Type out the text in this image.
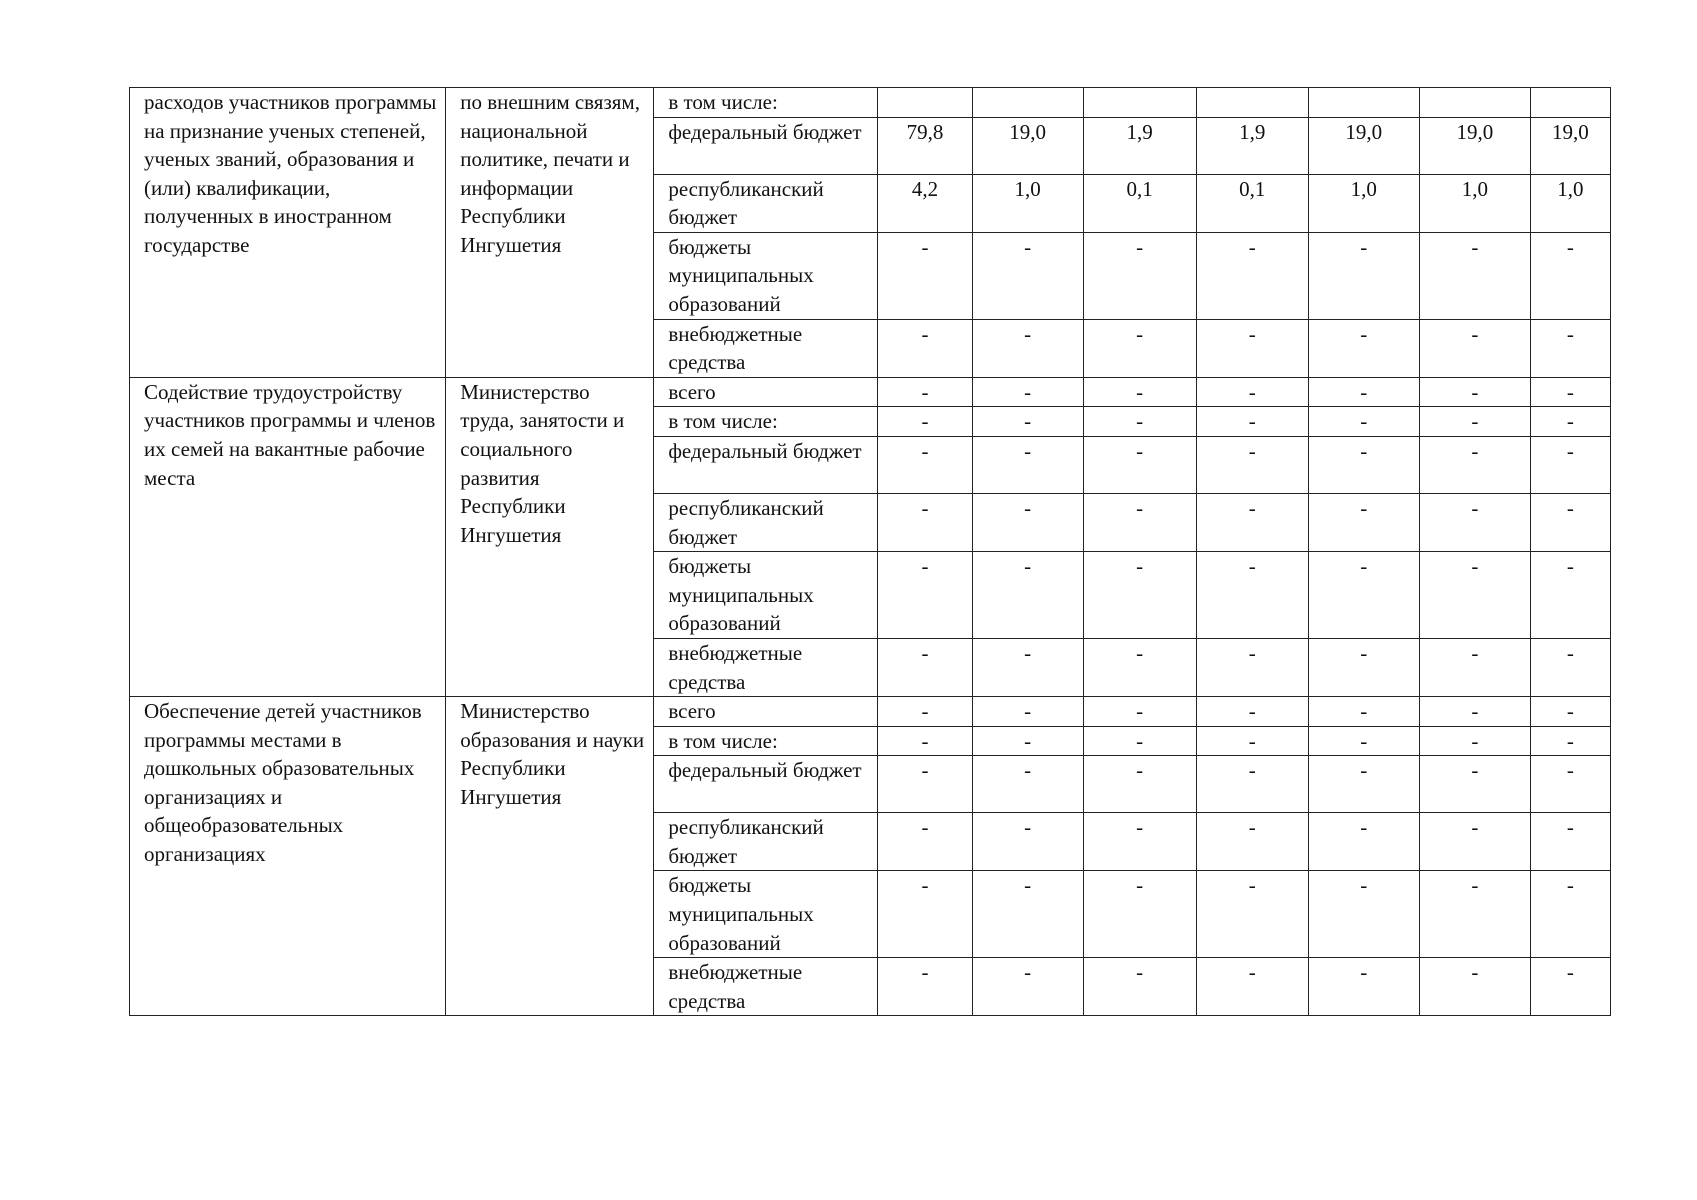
расходов участников программы на признание ученых степеней, ученых званий, образования и (или) квалификации, полученных в иностранном государстве	по внешним связям, национальной политике, печати и информации Республики Ингушетия	в том числе:							
		федеральный бюджет	79,8	19,0	1,9	1,9	19,0	19,0	19,0
		республиканский бюджет	4,2	1,0	0,1	0,1	1,0	1,0	1,0
		бюджеты муниципальных образований	-	-	-	-	-	-	-
		внебюджетные средства	-	-	-	-	-	-	-
Содействие трудоустройству участников программы и членов их семей на вакантные рабочие места	Министерство труда, занятости и социального развития Республики Ингушетия	всего	-	-	-	-	-	-	-
		в том числе:	-	-	-	-	-	-	-
		федеральный бюджет	-	-	-	-	-	-	-
		республиканский бюджет	-	-	-	-	-	-	-
		бюджеты муниципальных образований	-	-	-	-	-	-	-
		внебюджетные средства	-	-	-	-	-	-	-
Обеспечение детей участников программы местами в дошкольных образовательных организациях и общеобразовательных организациях	Министерство образования и науки Республики Ингушетия	всего	-	-	-	-	-	-	-
		в том числе:	-	-	-	-	-	-	-
		федеральный бюджет	-	-	-	-	-	-	-
		республиканский бюджет	-	-	-	-	-	-	-
		бюджеты муниципальных образований	-	-	-	-	-	-	-
		внебюджетные средства	-	-	-	-	-	-	-
